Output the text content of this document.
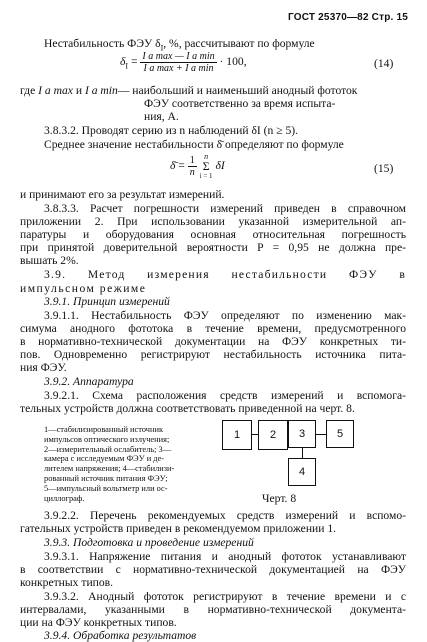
ГОСТ 25370—82 Стр. 15
Нестабильность ФЭУ $\delta_I$, %, рассчитывают по формуле
$\delta_I = \frac{\text{I a max — I a min}}{\text{I a max + I a min}} \cdot 100$,	(14)
где I a max и I a min— наибольший и наименьший анодный фототок
ФЭУ соответственно за время испыта-
ния, А.
3.8.3.2. Проводят серию из n наблюдений δI (n ≥ 5).
Среднее значение нестабильности δ̄ определяют по формуле
δ̄ = $\frac{1}{n}$
n
Σ
i = 1
δI	(15)
и принимают его за результат измерений.
3.8.3.3. Расчет погрешности измерений приведен в справочном
приложении 2. При использовании указанной измерительной ап-
паратуры и оборудования основная относительная погрешность
при принятой доверительной вероятности P = 0,95 не должна пре-
вышать 2%.
3.9. Метод измерения нестабильности ФЭУ в
импульсном режиме
3.9.1. Принцип измерений
3.9.1.1. Нестабильность ФЭУ определяют по изменению мак-
симума анодного фототока в течение времени, предусмотренного
в нормативно-технической документации на ФЭУ конкретных ти-
пов. Одновременно регистрируют нестабильность источника пита-
ния ФЭУ.
3.9.2. Аппаратура
3.9.2.1. Схема расположения средств измерений и вспомога-
тельных устройств должна соответствовать приведенной на черт. 8.
1—стабилизированный источник
импульсов оптического излучения;
2—измерительный ослабитель; 3—
камера с исследуемым ФЭУ и де-
лителем напряжения; 4—стабилизи-
рованный источник питания ФЭУ;
5—импульсный вольтметр или ос-
циллограф.
1	2	3	5
4
Черт. 8
3.9.2.2. Перечень рекомендуемых средств измерений и вспомо-
гательных устройств приведен в рекомендуемом приложении 1.
3.9.3. Подготовка и проведение измерений
3.9.3.1. Напряжение питания и анодный фототок устанавливают
в соответствии с нормативно-технической документацией на ФЭУ
конкретных типов.
3.9.3.2. Анодный фототок регистрируют в течение времени и с
интервалами, указанными в нормативно-технической документа-
ции на ФЭУ конкретных типов.
3.9.4. Обработка результатов
